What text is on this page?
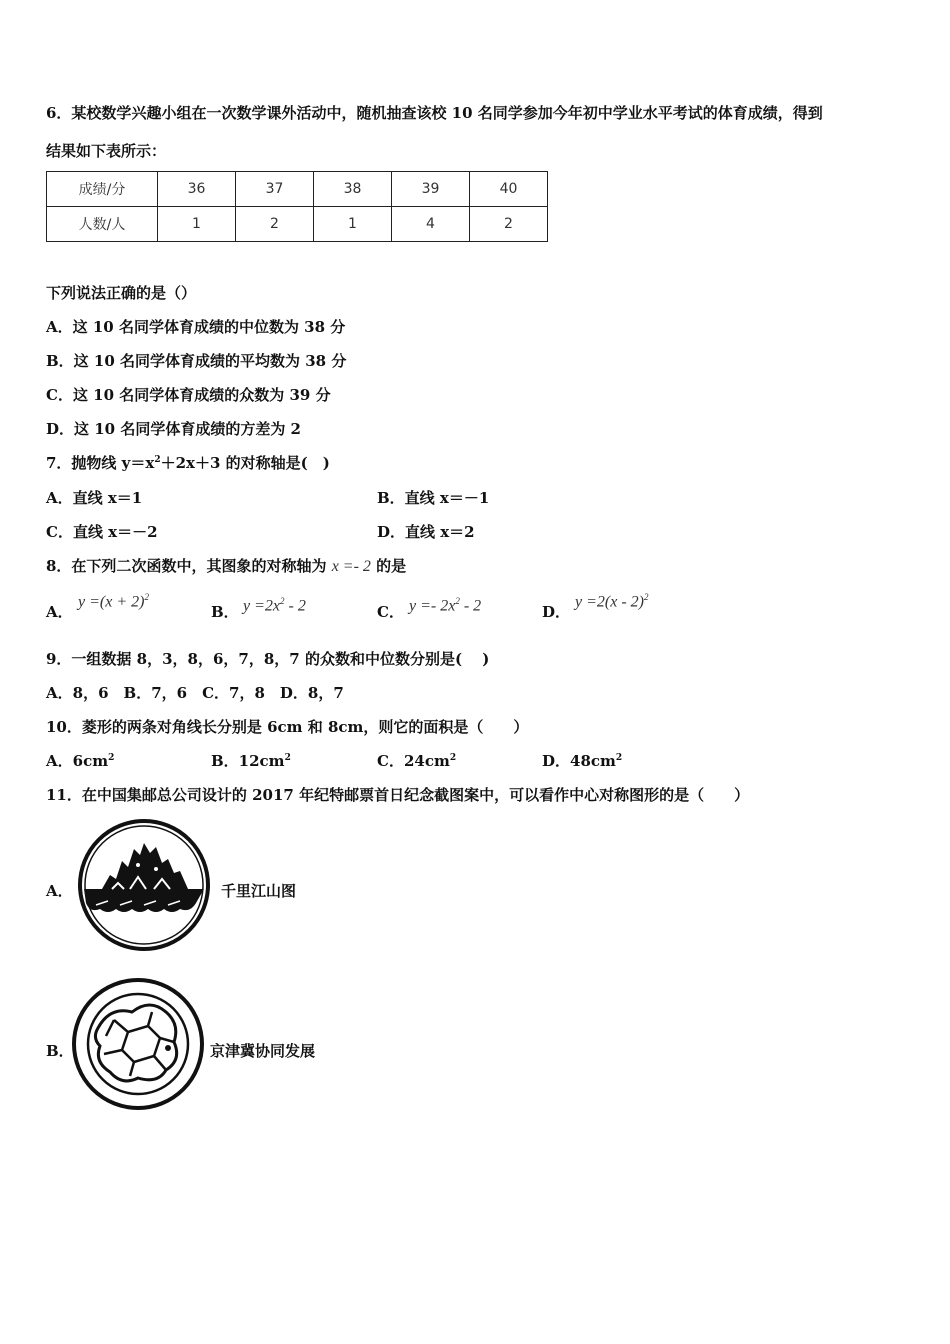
6．某校数学兴趣小组在一次数学课外活动中，随机抽查该校 10 名同学参加今年初中学业水平考试的体育成绩，得到
结果如下表所示：
成绩/分	36	37	38	39	40
人数/人	1	2	1	4	2
下列说法正确的是（）
A．这 10 名同学体育成绩的中位数为 38 分
B．这 10 名同学体育成绩的平均数为 38 分
C．这 10 名同学体育成绩的众数为 39 分
D．这 10 名同学体育成绩的方差为 2
7．抛物线 $y=x^2+2x+3$ 的对称轴是(　)
A．直线 x＝1	B．直线 x＝－1
C．直线 x＝－2	D．直线 x＝2
8．在下列二次函数中，其图象的对称轴为 x =- 2 的是
A．
$y =(x + 2)^2$
B． $y =2x^2 - 2$	C． $y =- 2x^2 - 2$	D．
y =2(x - 2)$^2$
9．一组数据 8，3，8，6，7，8，7 的众数和中位数分别是(　 )
A．8，6　B．7，6　C．7，8　D．8，7
10．菱形的两条对角线长分别是 6cm 和 8cm，则它的面积是（　　）
A．$6cm^2$	B．$12cm^2$	C．$24cm^2$	D．$48cm^2$
11．在中国集邮总公司设计的 2017 年纪特邮票首日纪念截图案中，可以看作中心对称图形的是（　　）
A．	千里江山图
B．	京津冀协同发展
